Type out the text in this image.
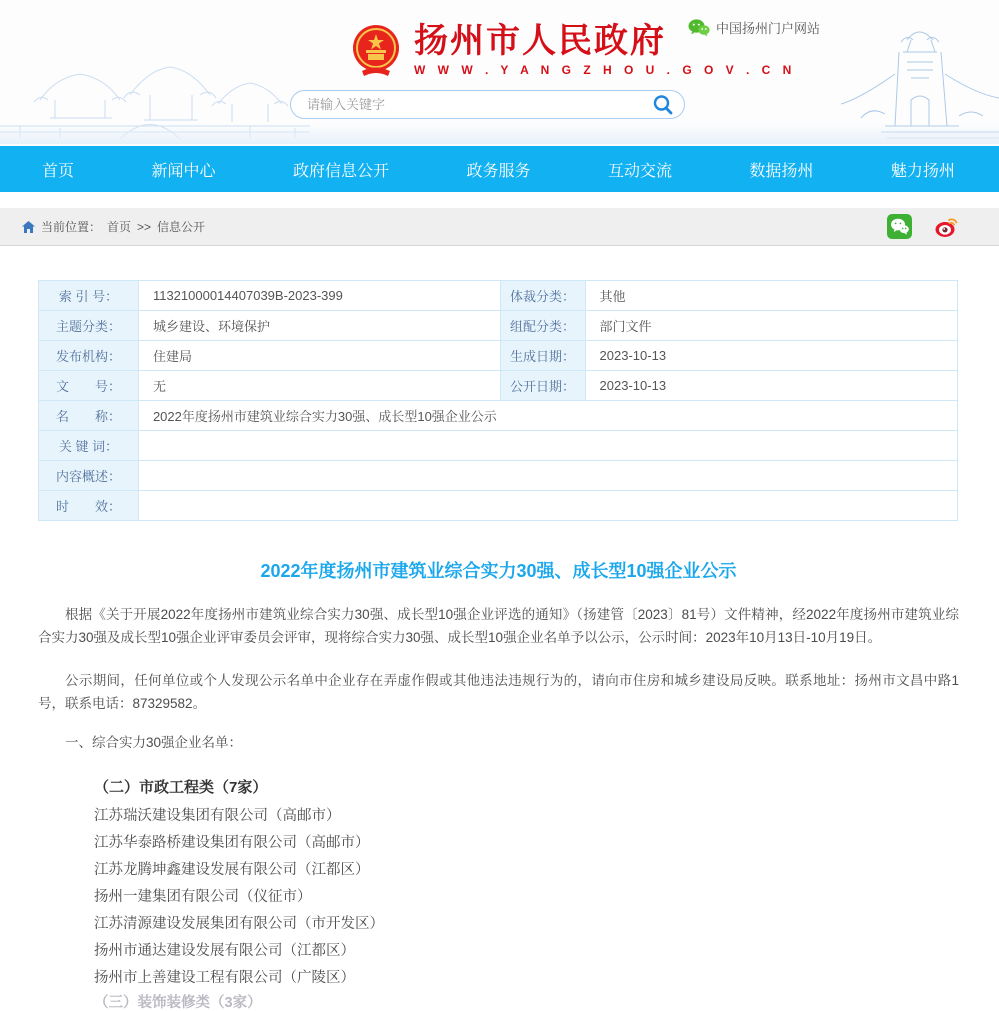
扬州市人民政府
W W W . Y A N G Z H O U . G O V . C N
中国扬州门户网站
请输入关键字
首页	新闻中心	政府信息公开	政务服务	互动交流	数据扬州	魅力扬州
当前位置： 首页 >> 信息公开
索 引 号：	11321000014407039B-2023-399	体裁分类：	其他
主题分类：	城乡建设、环境保护	组配分类：	部门文件
发布机构：	住建局	生成日期：	2023-10-13
文　　号：	无	公开日期：	2023-10-13
名　　称：	2022年度扬州市建筑业综合实力30强、成长型10强企业公示		
关 键 词：			
内容概述：			
时　　效：			
2022年度扬州市建筑业综合实力30强、成长型10强企业公示

根据《关于开展2022年度扬州市建筑业综合实力30强、成长型10强企业评选的通知》（扬建管〔2023〕81号）文件精神，经2022年度扬州市建筑业综合实力30强及成长型10强企业评审委员会评审，现将综合实力30强、成长型10强企业名单予以公示，公示时间：2023年10月13日-10月19日。

公示期间，任何单位或个人发现公示名单中企业存在弄虚作假或其他违法违规行为的，请向市住房和城乡建设局反映。联系地址：扬州市文昌中路1号，联系电话：87329582。

一、综合实力30强企业名单：

（二）市政工程类（7家）

江苏瑞沃建设集团有限公司（高邮市）
江苏华泰路桥建设集团有限公司（高邮市）
江苏龙腾坤鑫建设发展有限公司（江都区）
扬州一建集团有限公司（仪征市）
江苏清源建设发展集团有限公司（市开发区）
扬州市通达建设发展有限公司（江都区）
扬州市上善建设工程有限公司（广陵区）
（三）装饰装修类（3家）
